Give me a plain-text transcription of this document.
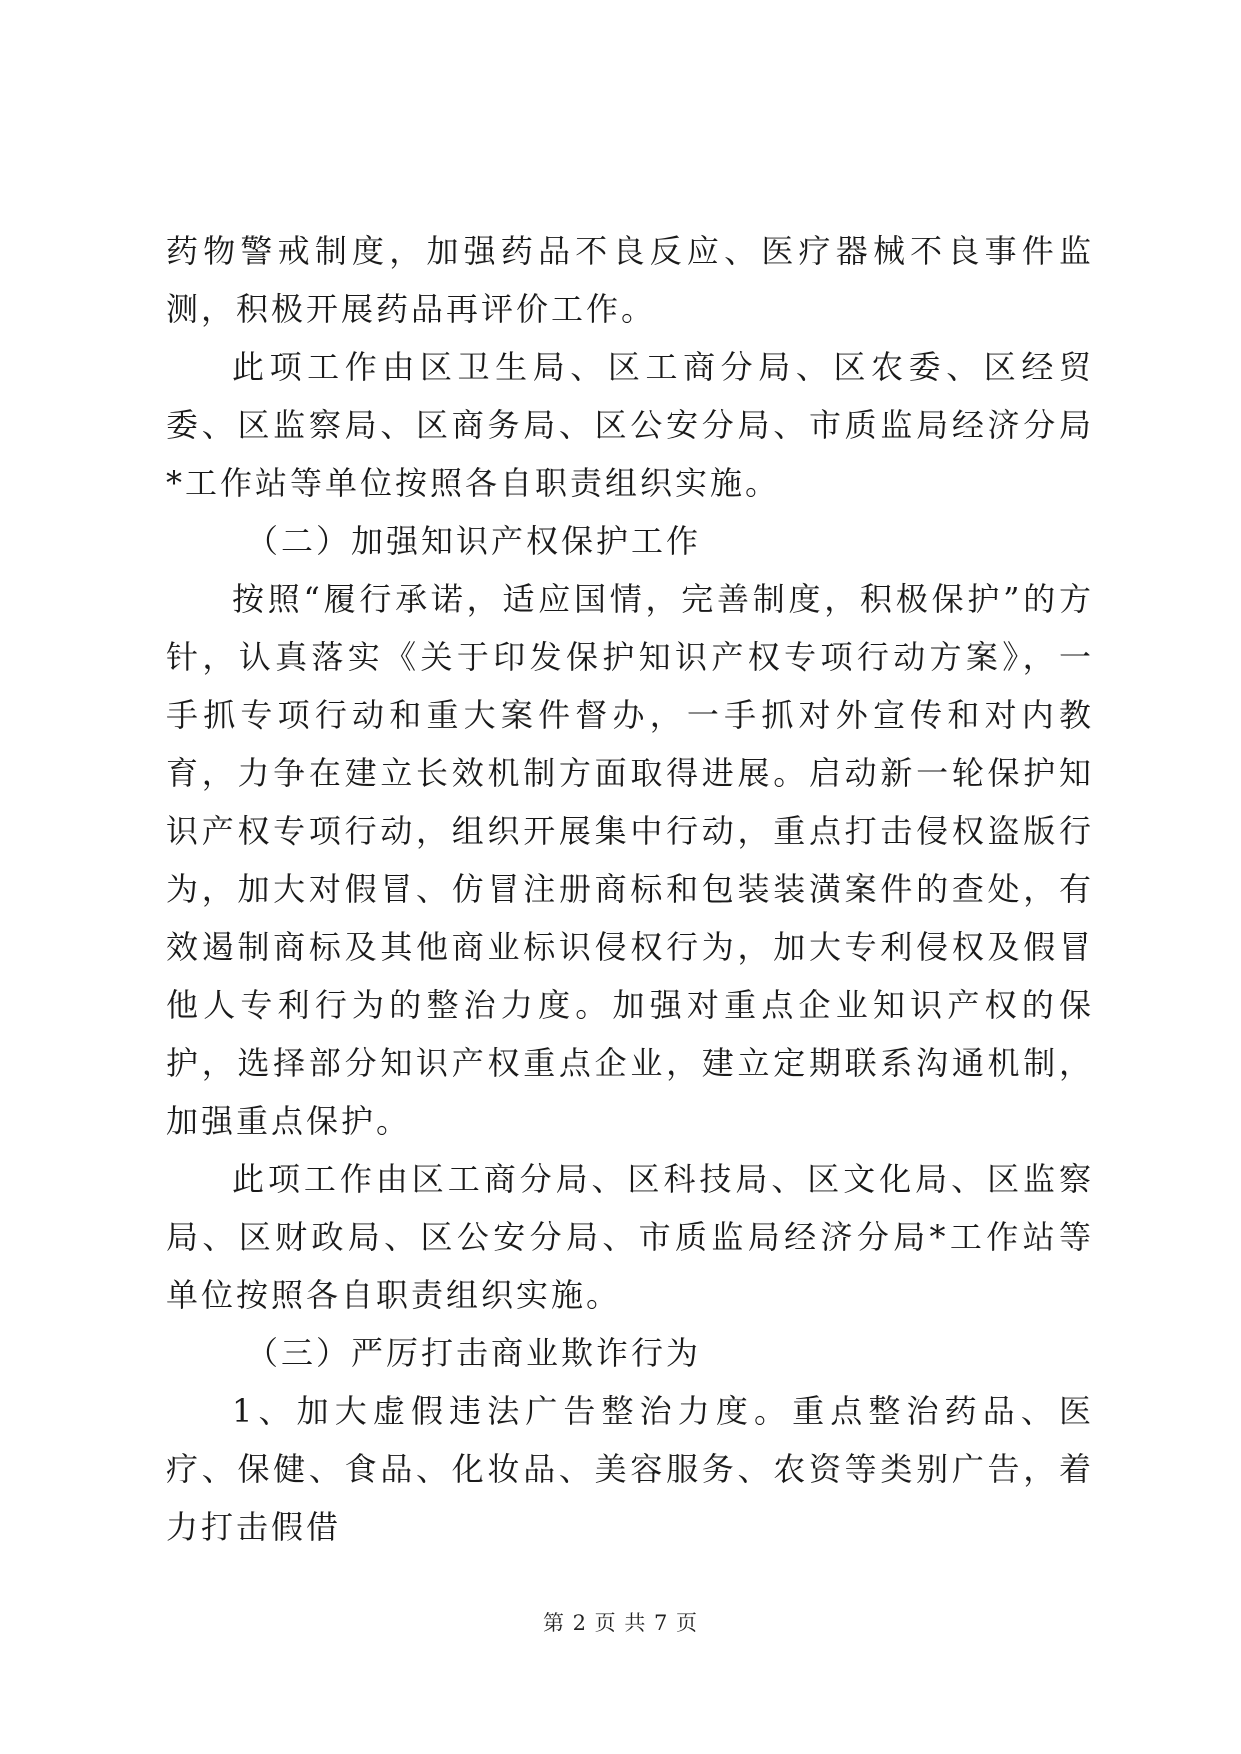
药物警戒制度，加强药品不良反应、医疗器械不良事件监测，积极开展药品再评价工作。

此项工作由区卫生局、区工商分局、区农委、区经贸委、区监察局、区商务局、区公安分局、市质监局经济分局*工作站等单位按照各自职责组织实施。

（二）加强知识产权保护工作

按照“履行承诺，适应国情，完善制度，积极保护”的方针，认真落实《关于印发保护知识产权专项行动方案》，一手抓专项行动和重大案件督办，一手抓对外宣传和对内教育，力争在建立长效机制方面取得进展。启动新一轮保护知识产权专项行动，组织开展集中行动，重点打击侵权盗版行为，加大对假冒、仿冒注册商标和包装装潢案件的查处，有效遏制商标及其他商业标识侵权行为，加大专利侵权及假冒他人专利行为的整治力度。加强对重点企业知识产权的保护，选择部分知识产权重点企业，建立定期联系沟通机制，加强重点保护。

此项工作由区工商分局、区科技局、区文化局、区监察局、区财政局、区公安分局、市质监局经济分局*工作站等单位按照各自职责组织实施。

（三）严厉打击商业欺诈行为

1、加大虚假违法广告整治力度。重点整治药品、医疗、保健、食品、化妆品、美容服务、农资等类别广告，着力打击假借

第 2 页 共 7 页
